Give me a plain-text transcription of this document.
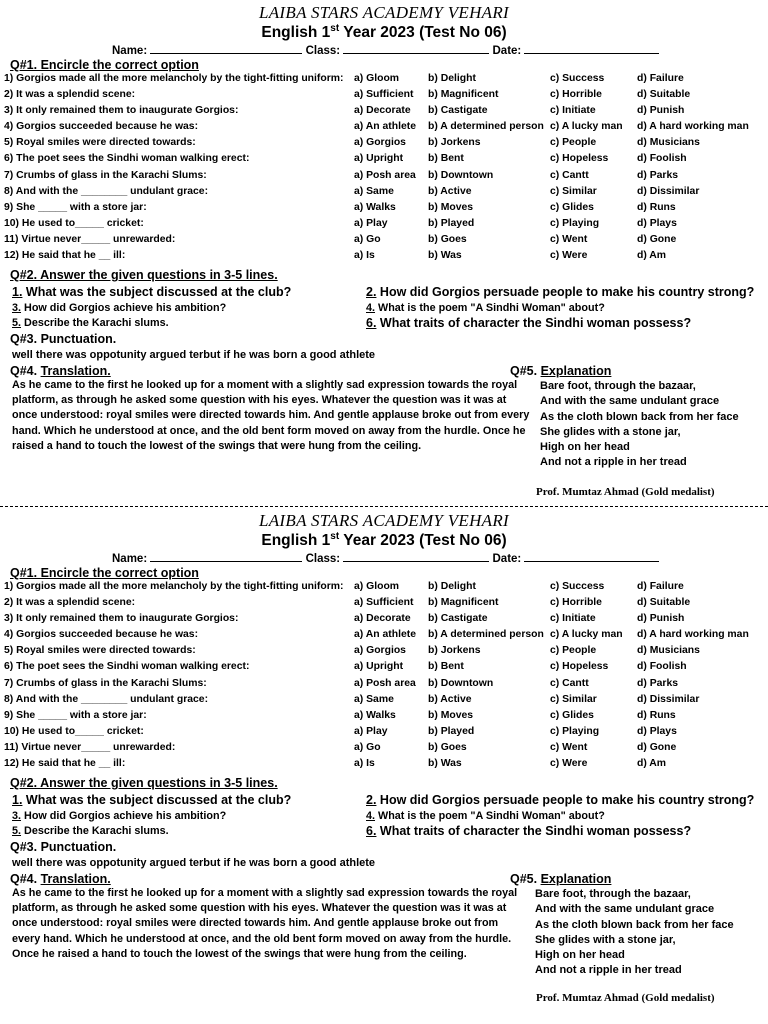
LAIBA STARS ACADEMY VEHARI
English 1st Year 2023 (Test No 06)
Name:	Class:	Date:
Q#1. Encircle the correct option
1) Gorgios made all the more melancholy by the tight-fitting uniform: a) Gloom	b) Delight	c) Success	d) Failure
2) It was a splendid scene:	a) Sufficient b) Magnificent	c) Horrible	d) Suitable
3) It only remained them to inaugurate Gorgios:	a) Decorate b) Castigate	c) Initiate	d) Punish
4) Gorgios succeeded because he was:	a) An athlete b) A determined person c) A lucky man d) A hard working man
5) Royal smiles were directed towards:	a) Gorgios b) Jorkens	c) People	d) Musicians
6) The poet sees the Sindhi woman walking erect:	a) Upright b) Bent	c) Hopeless	d) Foolish
7) Crumbs of glass in the Karachi Slums:	a) Posh area b) Downtown	c) Cantt	d) Parks
8) And with the ________ undulant grace:	a) Same	b) Active	c) Similar	d) Dissimilar
9) She _____ with a store jar:	a) Walks	b) Moves	c) Glides	d) Runs
10) He used to_____ cricket:	a) Play	b) Played	c) Playing	d) Plays
11) Virtue never_____ unrewarded:	a) Go	b) Goes	c) Went	d) Gone
12) He said that he __ ill:	a) Is	b) Was	c) Were	d) Am
Q#2. Answer the given questions in 3-5 lines.
1. What was the subject discussed at the club?
3. How did Gorgios achieve his ambition?
5. Describe the Karachi slums.
2. How did Gorgios persuade people to make his country strong?
4. What is the poem "A Sindhi Woman" about?
6. What traits of character the Sindhi woman possess?
Q#3. Punctuation.
well there was oppotunity argued terbut if he was born a good athlete
Q#4. Translation.
As he came to the first he looked up for a moment with a slightly sad expression towards the royal platform, as through he asked some question with his eyes. Whatever the question was it was at once understood: royal smiles were directed towards him. And gentle applause broke out from every hand. Which he understood at once, and the old bent form moved on away from the hurdle. Once he raised a hand to touch the lowest of the swings that were hung from the ceiling.
Q#5. Explanation
Bare foot, through the bazaar,
And with the same undulant grace
As the cloth blown back from her face
She glides with a stone jar,
High on her head
And not a ripple in her tread
Prof. Mumtaz Ahmad (Gold medalist)
LAIBA STARS ACADEMY VEHARI
English 1st Year 2023 (Test No 06)
Name:	Class:	Date:
Q#1. Encircle the correct option
1) Gorgios made all the more melancholy by the tight-fitting uniform: a) Gloom	b) Delight	c) Success	d) Failure
2) It was a splendid scene:	a) Sufficient b) Magnificent	c) Horrible	d) Suitable
3) It only remained them to inaugurate Gorgios:	a) Decorate b) Castigate	c) Initiate	d) Punish
4) Gorgios succeeded because he was:	a) An athlete b) A determined person c) A lucky man d) A hard working man
5) Royal smiles were directed towards:	a) Gorgios b) Jorkens	c) People	d) Musicians
6) The poet sees the Sindhi woman walking erect:	a) Upright b) Bent	c) Hopeless	d) Foolish
7) Crumbs of glass in the Karachi Slums:	a) Posh area b) Downtown	c) Cantt	d) Parks
8) And with the ________ undulant grace:	a) Same	b) Active	c) Similar	d) Dissimilar
9) She _____ with a store jar:	a) Walks	b) Moves	c) Glides	d) Runs
10) He used to_____ cricket:	a) Play	b) Played	c) Playing	d) Plays
11) Virtue never_____ unrewarded:	a) Go	b) Goes	c) Went	d) Gone
12) He said that he __ ill:	a) Is	b) Was	c) Were	d) Am
Q#2. Answer the given questions in 3-5 lines.
1. What was the subject discussed at the club?
3. How did Gorgios achieve his ambition?
5. Describe the Karachi slums.
2. How did Gorgios persuade people to make his country strong?
4. What is the poem "A Sindhi Woman" about?
6. What traits of character the Sindhi woman possess?
Q#3. Punctuation.
well there was oppotunity argued terbut if he was born a good athlete
Q#4. Translation.
As he came to the first he looked up for a moment with a slightly sad expression towards the royal platform, as through he asked some question with his eyes. Whatever the question was it was at once understood: royal smiles were directed towards him. And gentle applause broke out from every hand. Which he understood at once, and the old bent form moved on away from the hurdle. Once he raised a hand to touch the lowest of the swings that were hung from the ceiling.
Q#5. Explanation
Bare foot, through the bazaar,
And with the same undulant grace
As the cloth blown back from her face
She glides with a stone jar,
High on her head
And not a ripple in her tread
Prof. Mumtaz Ahmad (Gold medalist)
